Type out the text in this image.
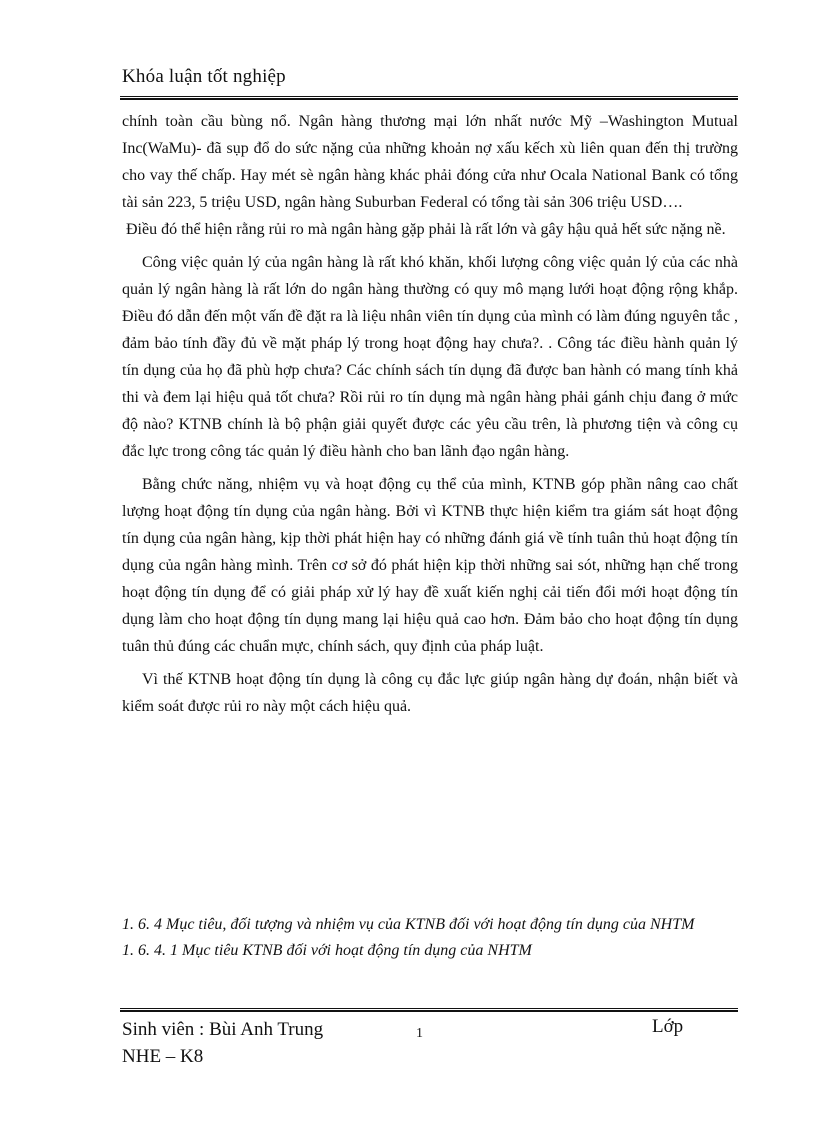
Khóa luận tốt nghiệp

chính toàn cầu bùng nổ. Ngân hàng thương mại lớn nhất nước Mỹ –Washington Mutual Inc(WaMu)- đã sụp đổ do sức nặng của những khoản nợ xấu kếch xù liên quan đến thị trường cho vay thế chấp. Hay mét sè ngân hàng khác phải đóng cửa như Ocala National Bank có tổng tài sản 223, 5 triệu USD, ngân hàng Suburban Federal có tổng tài sản 306 triệu USD….

Điều đó thể hiện rằng rủi ro mà ngân hàng gặp phải là rất lớn và gây hậu quả hết sức nặng nề.

Công việc quản lý của ngân hàng là rất khó khăn, khối lượng công việc quản lý của các nhà quản lý ngân hàng là rất lớn do ngân hàng thường có quy mô mạng lưới hoạt động rộng khắp. Điều đó dẫn đến một vấn đề đặt ra là liệu nhân viên tín dụng của mình có làm đúng nguyên tắc , đảm bảo tính đầy đủ về mặt pháp lý trong hoạt động hay chưa?. . Công tác điều hành quản lý tín dụng của họ đã phù hợp chưa? Các chính sách tín dụng đã được ban hành có mang tính khả thi và đem lại hiệu quả tốt chưa? Rồi rủi ro tín dụng mà ngân hàng phải gánh chịu đang ở mức độ nào? KTNB chính là bộ phận giải quyết được các yêu cầu trên, là phương tiện và công cụ đắc lực trong công tác quản lý điều hành cho ban lãnh đạo ngân hàng.

Bằng chức năng, nhiệm vụ và hoạt động cụ thể của mình, KTNB góp phần nâng cao chất lượng hoạt động tín dụng của ngân hàng. Bởi vì KTNB thực hiện kiểm tra giám sát hoạt động tín dụng của ngân hàng, kịp thời phát hiện hay có những đánh giá về tính tuân thủ hoạt động tín dụng của ngân hàng mình. Trên cơ sở đó phát hiện kịp thời những sai sót, những hạn chế trong hoạt động tín dụng để có giải pháp xử lý hay đề xuất kiến nghị cải tiến đổi mới hoạt động tín dụng làm cho hoạt động tín dụng mang lại hiệu quả cao hơn. Đảm bảo cho hoạt động tín dụng tuân thủ đúng các chuẩn mực, chính sách, quy định của pháp luật.

Vì thế KTNB hoạt động tín dụng là công cụ đắc lực giúp ngân hàng dự đoán, nhận biết và kiểm soát được rủi ro này một cách hiệu quả.

1. 6. 4 Mục tiêu, đối tượng và nhiệm vụ của KTNB đối với hoạt động tín dụng của NHTM

1. 6. 4. 1 Mục tiêu KTNB đối với hoạt động tín dụng của NHTM

Sinh viên : Bùi Anh Trung
NHE – K8
1	Lớp
